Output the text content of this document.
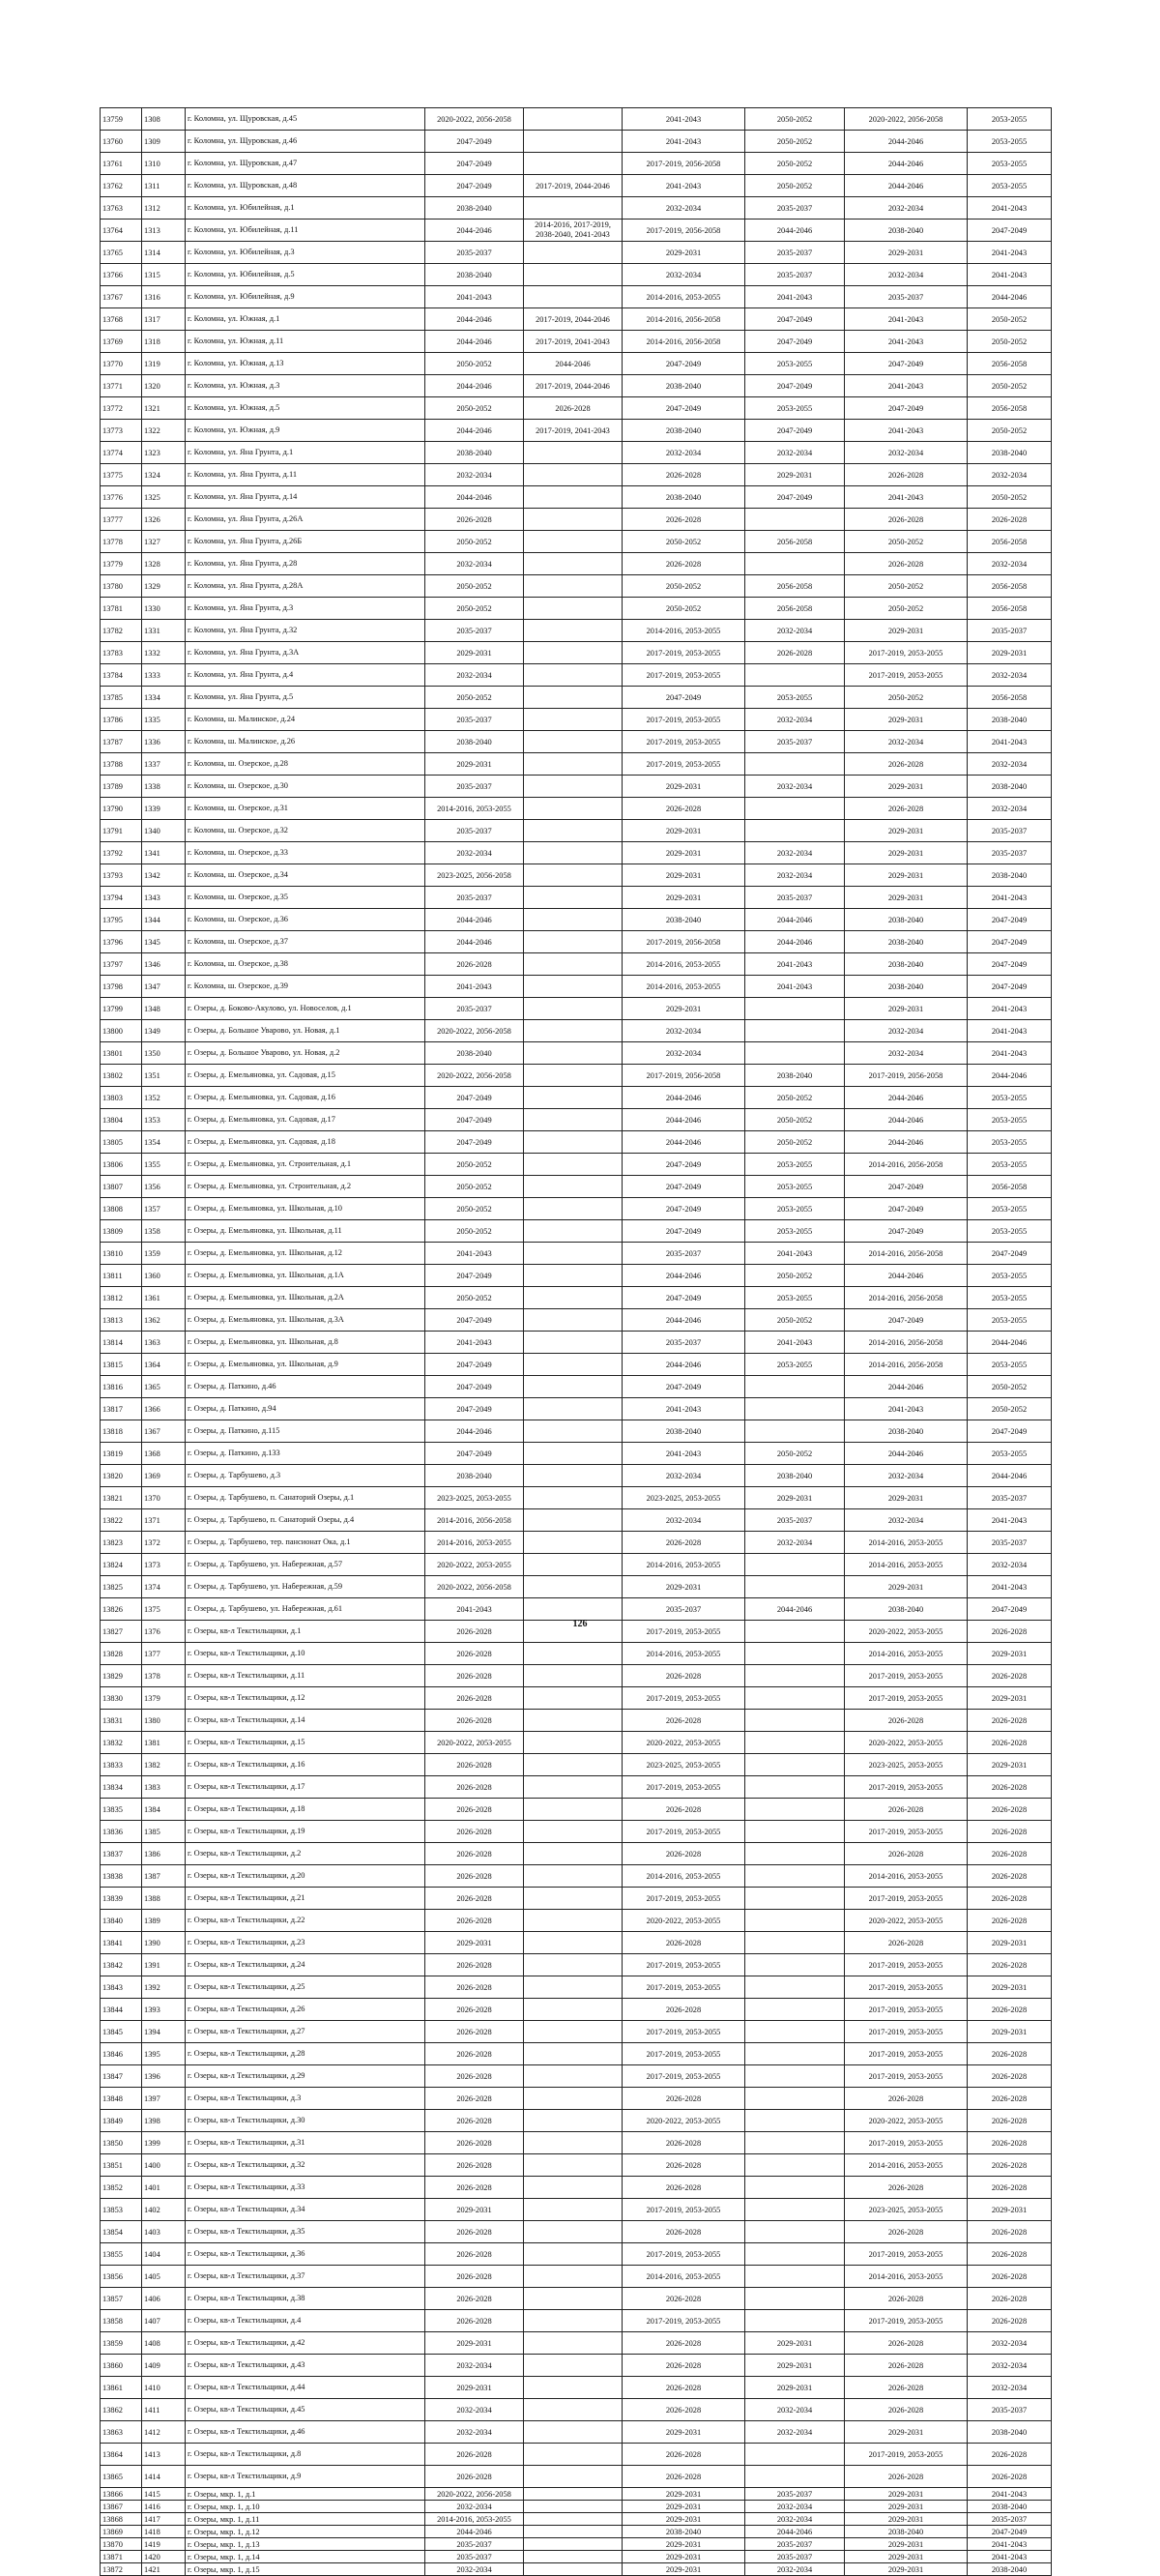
13759	1308	г. Коломна, ул. Щуровская, д.45	2020-2022, 2056-2058		2041-2043	2050-2052	2020-2022, 2056-2058	2053-2055
13760	1309	г. Коломна, ул. Щуровская, д.46	2047-2049		2041-2043	2050-2052	2044-2046	2053-2055
13761	1310	г. Коломна, ул. Щуровская, д.47	2047-2049		2017-2019, 2056-2058	2050-2052	2044-2046	2053-2055
13762	1311	г. Коломна, ул. Щуровская, д.48	2047-2049	2017-2019, 2044-2046	2041-2043	2050-2052	2044-2046	2053-2055
13763	1312	г. Коломна, ул. Юбилейная, д.1	2038-2040		2032-2034	2035-2037	2032-2034	2041-2043
13764	1313	г. Коломна, ул. Юбилейная, д.11	2044-2046	2014-2016, 2017-2019, 2038-2040, 2041-2043	2017-2019, 2056-2058	2044-2046	2038-2040	2047-2049
13765	1314	г. Коломна, ул. Юбилейная, д.3	2035-2037		2029-2031	2035-2037	2029-2031	2041-2043
13766	1315	г. Коломна, ул. Юбилейная, д.5	2038-2040		2032-2034	2035-2037	2032-2034	2041-2043
13767	1316	г. Коломна, ул. Юбилейная, д.9	2041-2043		2014-2016, 2053-2055	2041-2043	2035-2037	2044-2046
13768	1317	г. Коломна, ул. Южная, д.1	2044-2046	2017-2019, 2044-2046	2014-2016, 2056-2058	2047-2049	2041-2043	2050-2052
13769	1318	г. Коломна, ул. Южная, д.11	2044-2046	2017-2019, 2041-2043	2014-2016, 2056-2058	2047-2049	2041-2043	2050-2052
13770	1319	г. Коломна, ул. Южная, д.13	2050-2052	2044-2046	2047-2049	2053-2055	2047-2049	2056-2058
13771	1320	г. Коломна, ул. Южная, д.3	2044-2046	2017-2019, 2044-2046	2038-2040	2047-2049	2041-2043	2050-2052
13772	1321	г. Коломна, ул. Южная, д.5	2050-2052	2026-2028	2047-2049	2053-2055	2047-2049	2056-2058
13773	1322	г. Коломна, ул. Южная, д.9	2044-2046	2017-2019, 2041-2043	2038-2040	2047-2049	2041-2043	2050-2052
13774	1323	г. Коломна, ул. Яна Грунта, д.1	2038-2040		2032-2034	2032-2034	2032-2034	2038-2040
13775	1324	г. Коломна, ул. Яна Грунта, д.11	2032-2034		2026-2028	2029-2031	2026-2028	2032-2034
13776	1325	г. Коломна, ул. Яна Грунта, д.14	2044-2046		2038-2040	2047-2049	2041-2043	2050-2052
13777	1326	г. Коломна, ул. Яна Грунта, д.26А	2026-2028		2026-2028		2026-2028	2026-2028
13778	1327	г. Коломна, ул. Яна Грунта, д.26Б	2050-2052		2050-2052	2056-2058	2050-2052	2056-2058
13779	1328	г. Коломна, ул. Яна Грунта, д.28	2032-2034		2026-2028		2026-2028	2032-2034
13780	1329	г. Коломна, ул. Яна Грунта, д.28А	2050-2052		2050-2052	2056-2058	2050-2052	2056-2058
13781	1330	г. Коломна, ул. Яна Грунта, д.3	2050-2052		2050-2052	2056-2058	2050-2052	2056-2058
13782	1331	г. Коломна, ул. Яна Грунта, д.32	2035-2037		2014-2016, 2053-2055	2032-2034	2029-2031	2035-2037
13783	1332	г. Коломна, ул. Яна Грунта, д.3А	2029-2031		2017-2019, 2053-2055	2026-2028	2017-2019, 2053-2055	2029-2031
13784	1333	г. Коломна, ул. Яна Грунта, д.4	2032-2034		2017-2019, 2053-2055		2017-2019, 2053-2055	2032-2034
13785	1334	г. Коломна, ул. Яна Грунта, д.5	2050-2052		2047-2049	2053-2055	2050-2052	2056-2058
13786	1335	г. Коломна, ш. Малинское, д.24	2035-2037		2017-2019, 2053-2055	2032-2034	2029-2031	2038-2040
13787	1336	г. Коломна, ш. Малинское, д.26	2038-2040		2017-2019, 2053-2055	2035-2037	2032-2034	2041-2043
13788	1337	г. Коломна, ш. Озерское, д.28	2029-2031		2017-2019, 2053-2055		2026-2028	2032-2034
13789	1338	г. Коломна, ш. Озерское, д.30	2035-2037		2029-2031	2032-2034	2029-2031	2038-2040
13790	1339	г. Коломна, ш. Озерское, д.31	2014-2016, 2053-2055		2026-2028		2026-2028	2032-2034
13791	1340	г. Коломна, ш. Озерское, д.32	2035-2037		2029-2031		2029-2031	2035-2037
13792	1341	г. Коломна, ш. Озерское, д.33	2032-2034		2029-2031	2032-2034	2029-2031	2035-2037
13793	1342	г. Коломна, ш. Озерское, д.34	2023-2025, 2056-2058		2029-2031	2032-2034	2029-2031	2038-2040
13794	1343	г. Коломна, ш. Озерское, д.35	2035-2037		2029-2031	2035-2037	2029-2031	2041-2043
13795	1344	г. Коломна, ш. Озерское, д.36	2044-2046		2038-2040	2044-2046	2038-2040	2047-2049
13796	1345	г. Коломна, ш. Озерское, д.37	2044-2046		2017-2019, 2056-2058	2044-2046	2038-2040	2047-2049
13797	1346	г. Коломна, ш. Озерское, д.38	2026-2028		2014-2016, 2053-2055	2041-2043	2038-2040	2047-2049
13798	1347	г. Коломна, ш. Озерское, д.39	2041-2043		2014-2016, 2053-2055	2041-2043	2038-2040	2047-2049
13799	1348	г. Озеры, д. Боково-Акулово, ул. Новоселов, д.1	2035-2037		2029-2031		2029-2031	2041-2043
13800	1349	г. Озеры, д. Большое Уварово, ул. Новая, д.1	2020-2022, 2056-2058		2032-2034		2032-2034	2041-2043
13801	1350	г. Озеры, д. Большое Уварово, ул. Новая, д.2	2038-2040		2032-2034		2032-2034	2041-2043
13802	1351	г. Озеры, д. Емельяновка, ул. Садовая, д.15	2020-2022, 2056-2058		2017-2019, 2056-2058	2038-2040	2017-2019, 2056-2058	2044-2046
13803	1352	г. Озеры, д. Емельяновка, ул. Садовая, д.16	2047-2049		2044-2046	2050-2052	2044-2046	2053-2055
13804	1353	г. Озеры, д. Емельяновка, ул. Садовая, д.17	2047-2049		2044-2046	2050-2052	2044-2046	2053-2055
13805	1354	г. Озеры, д. Емельяновка, ул. Садовая, д.18	2047-2049		2044-2046	2050-2052	2044-2046	2053-2055
13806	1355	г. Озеры, д. Емельяновка, ул. Строительная, д.1	2050-2052		2047-2049	2053-2055	2014-2016, 2056-2058	2053-2055
13807	1356	г. Озеры, д. Емельяновка, ул. Строительная, д.2	2050-2052		2047-2049	2053-2055	2047-2049	2056-2058
13808	1357	г. Озеры, д. Емельяновка, ул. Школьная, д.10	2050-2052		2047-2049	2053-2055	2047-2049	2053-2055
13809	1358	г. Озеры, д. Емельяновка, ул. Школьная, д.11	2050-2052		2047-2049	2053-2055	2047-2049	2053-2055
13810	1359	г. Озеры, д. Емельяновка, ул. Школьная, д.12	2041-2043		2035-2037	2041-2043	2014-2016, 2056-2058	2047-2049
13811	1360	г. Озеры, д. Емельяновка, ул. Школьная, д.1А	2047-2049		2044-2046	2050-2052	2044-2046	2053-2055
13812	1361	г. Озеры, д. Емельяновка, ул. Школьная, д.2А	2050-2052		2047-2049	2053-2055	2014-2016, 2056-2058	2053-2055
13813	1362	г. Озеры, д. Емельяновка, ул. Школьная, д.3А	2047-2049		2044-2046	2050-2052	2047-2049	2053-2055
13814	1363	г. Озеры, д. Емельяновка, ул. Школьная, д.8	2041-2043		2035-2037	2041-2043	2014-2016, 2056-2058	2044-2046
13815	1364	г. Озеры, д. Емельяновка, ул. Школьная, д.9	2047-2049		2044-2046	2053-2055	2014-2016, 2056-2058	2053-2055
13816	1365	г. Озеры, д. Паткино, д.46	2047-2049		2047-2049		2044-2046	2050-2052
13817	1366	г. Озеры, д. Паткино, д.94	2047-2049		2041-2043		2041-2043	2050-2052
13818	1367	г. Озеры, д. Паткино, д.115	2044-2046		2038-2040		2038-2040	2047-2049
13819	1368	г. Озеры, д. Паткино, д.133	2047-2049		2041-2043	2050-2052	2044-2046	2053-2055
13820	1369	г. Озеры, д. Тарбушево, д.3	2038-2040		2032-2034	2038-2040	2032-2034	2044-2046
13821	1370	г. Озеры, д. Тарбушево, п. Санаторий Озеры, д.1	2023-2025, 2053-2055		2023-2025, 2053-2055	2029-2031	2029-2031	2035-2037
13822	1371	г. Озеры, д. Тарбушево, п. Санаторий Озеры, д.4	2014-2016, 2056-2058		2032-2034	2035-2037	2032-2034	2041-2043
13823	1372	г. Озеры, д. Тарбушево, тер. пансионат Ока, д.1	2014-2016, 2053-2055		2026-2028	2032-2034	2014-2016, 2053-2055	2035-2037
13824	1373	г. Озеры, д. Тарбушево, ул. Набережная, д.57	2020-2022, 2053-2055		2014-2016, 2053-2055		2014-2016, 2053-2055	2032-2034
13825	1374	г. Озеры, д. Тарбушево, ул. Набережная, д.59	2020-2022, 2056-2058		2029-2031		2029-2031	2041-2043
13826	1375	г. Озеры, д. Тарбушево, ул. Набережная, д.61	2041-2043		2035-2037	2044-2046	2038-2040	2047-2049
13827	1376	г. Озеры, кв-л Текстильщики, д.1	2026-2028		2017-2019, 2053-2055		2020-2022, 2053-2055	2026-2028
13828	1377	г. Озеры, кв-л Текстильщики, д.10	2026-2028		2014-2016, 2053-2055		2014-2016, 2053-2055	2029-2031
13829	1378	г. Озеры, кв-л Текстильщики, д.11	2026-2028		2026-2028		2017-2019, 2053-2055	2026-2028
13830	1379	г. Озеры, кв-л Текстильщики, д.12	2026-2028		2017-2019, 2053-2055		2017-2019, 2053-2055	2029-2031
13831	1380	г. Озеры, кв-л Текстильщики, д.14	2026-2028		2026-2028		2026-2028	2026-2028
13832	1381	г. Озеры, кв-л Текстильщики, д.15	2020-2022, 2053-2055		2020-2022, 2053-2055		2020-2022, 2053-2055	2026-2028
13833	1382	г. Озеры, кв-л Текстильщики, д.16	2026-2028		2023-2025, 2053-2055		2023-2025, 2053-2055	2029-2031
13834	1383	г. Озеры, кв-л Текстильщики, д.17	2026-2028		2017-2019, 2053-2055		2017-2019, 2053-2055	2026-2028
13835	1384	г. Озеры, кв-л Текстильщики, д.18	2026-2028		2026-2028		2026-2028	2026-2028
13836	1385	г. Озеры, кв-л Текстильщики, д.19	2026-2028		2017-2019, 2053-2055		2017-2019, 2053-2055	2026-2028
13837	1386	г. Озеры, кв-л Текстильщики, д.2	2026-2028		2026-2028		2026-2028	2026-2028
13838	1387	г. Озеры, кв-л Текстильщики, д.20	2026-2028		2014-2016, 2053-2055		2014-2016, 2053-2055	2026-2028
13839	1388	г. Озеры, кв-л Текстильщики, д.21	2026-2028		2017-2019, 2053-2055		2017-2019, 2053-2055	2026-2028
13840	1389	г. Озеры, кв-л Текстильщики, д.22	2026-2028		2020-2022, 2053-2055		2020-2022, 2053-2055	2026-2028
13841	1390	г. Озеры, кв-л Текстильщики, д.23	2029-2031		2026-2028		2026-2028	2029-2031
13842	1391	г. Озеры, кв-л Текстильщики, д.24	2026-2028		2017-2019, 2053-2055		2017-2019, 2053-2055	2026-2028
13843	1392	г. Озеры, кв-л Текстильщики, д.25	2026-2028		2017-2019, 2053-2055		2017-2019, 2053-2055	2029-2031
13844	1393	г. Озеры, кв-л Текстильщики, д.26	2026-2028		2026-2028		2017-2019, 2053-2055	2026-2028
13845	1394	г. Озеры, кв-л Текстильщики, д.27	2026-2028		2017-2019, 2053-2055		2017-2019, 2053-2055	2029-2031
13846	1395	г. Озеры, кв-л Текстильщики, д.28	2026-2028		2017-2019, 2053-2055		2017-2019, 2053-2055	2026-2028
13847	1396	г. Озеры, кв-л Текстильщики, д.29	2026-2028		2017-2019, 2053-2055		2017-2019, 2053-2055	2026-2028
13848	1397	г. Озеры, кв-л Текстильщики, д.3	2026-2028		2026-2028		2026-2028	2026-2028
13849	1398	г. Озеры, кв-л Текстильщики, д.30	2026-2028		2020-2022, 2053-2055		2020-2022, 2053-2055	2026-2028
13850	1399	г. Озеры, кв-л Текстильщики, д.31	2026-2028		2026-2028		2017-2019, 2053-2055	2026-2028
13851	1400	г. Озеры, кв-л Текстильщики, д.32	2026-2028		2026-2028		2014-2016, 2053-2055	2026-2028
13852	1401	г. Озеры, кв-л Текстильщики, д.33	2026-2028		2026-2028		2026-2028	2026-2028
13853	1402	г. Озеры, кв-л Текстильщики, д.34	2029-2031		2017-2019, 2053-2055		2023-2025, 2053-2055	2029-2031
13854	1403	г. Озеры, кв-л Текстильщики, д.35	2026-2028		2026-2028		2026-2028	2026-2028
13855	1404	г. Озеры, кв-л Текстильщики, д.36	2026-2028		2017-2019, 2053-2055		2017-2019, 2053-2055	2026-2028
13856	1405	г. Озеры, кв-л Текстильщики, д.37	2026-2028		2014-2016, 2053-2055		2014-2016, 2053-2055	2026-2028
13857	1406	г. Озеры, кв-л Текстильщики, д.38	2026-2028		2026-2028		2026-2028	2026-2028
13858	1407	г. Озеры, кв-л Текстильщики, д.4	2026-2028		2017-2019, 2053-2055		2017-2019, 2053-2055	2026-2028
13859	1408	г. Озеры, кв-л Текстильщики, д.42	2029-2031		2026-2028	2029-2031	2026-2028	2032-2034
13860	1409	г. Озеры, кв-л Текстильщики, д.43	2032-2034		2026-2028	2029-2031	2026-2028	2032-2034
13861	1410	г. Озеры, кв-л Текстильщики, д.44	2029-2031		2026-2028	2029-2031	2026-2028	2032-2034
13862	1411	г. Озеры, кв-л Текстильщики, д.45	2032-2034		2026-2028	2032-2034	2026-2028	2035-2037
13863	1412	г. Озеры, кв-л Текстильщики, д.46	2032-2034		2029-2031	2032-2034	2029-2031	2038-2040
13864	1413	г. Озеры, кв-л Текстильщики, д.8	2026-2028		2026-2028		2017-2019, 2053-2055	2026-2028
13865	1414	г. Озеры, кв-л Текстильщики, д.9	2026-2028		2026-2028		2026-2028	2026-2028
13866	1415	г. Озеры, мкр. 1, д.1	2020-2022, 2056-2058		2029-2031	2035-2037	2029-2031	2041-2043
13867	1416	г. Озеры, мкр. 1, д.10	2032-2034		2029-2031	2032-2034	2029-2031	2038-2040
13868	1417	г. Озеры, мкр. 1, д.11	2014-2016, 2053-2055		2029-2031	2032-2034	2029-2031	2035-2037
13869	1418	г. Озеры, мкр. 1, д.12	2044-2046		2038-2040	2044-2046	2038-2040	2047-2049
13870	1419	г. Озеры, мкр. 1, д.13	2035-2037		2029-2031	2035-2037	2029-2031	2041-2043
13871	1420	г. Озеры, мкр. 1, д.14	2035-2037		2029-2031	2035-2037	2029-2031	2041-2043
13872	1421	г. Озеры, мкр. 1, д.15	2032-2034		2029-2031	2032-2034	2029-2031	2038-2040
126
